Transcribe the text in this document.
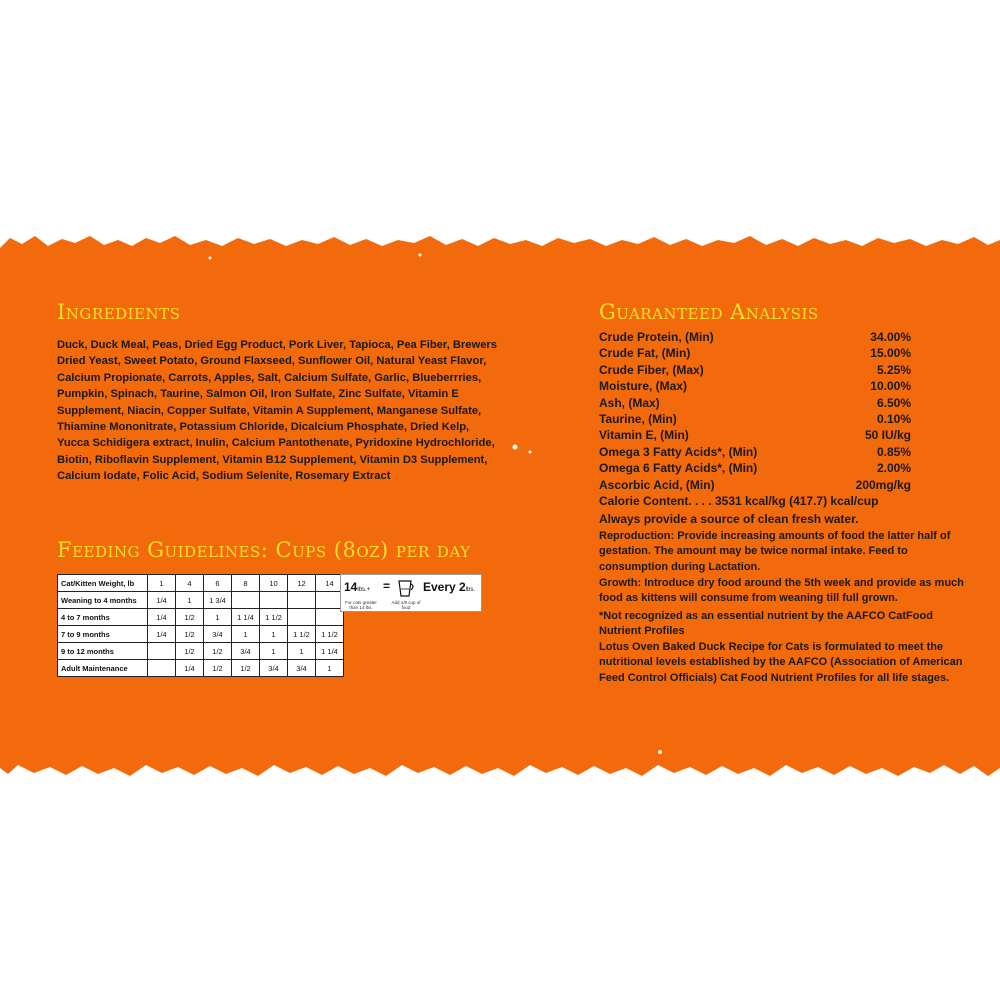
Ingredients

Duck, Duck Meal, Peas, Dried Egg Product, Pork Liver, Tapioca, Pea Fiber, Brewers Dried Yeast, Sweet Potato, Ground Flaxseed, Sunflower Oil, Natural Yeast Flavor, Calcium Propionate, Carrots, Apples, Salt, Calcium Sulfate, Garlic, Blueberrries, Pumpkin, Spinach, Taurine, Salmon Oil, Iron Sulfate, Zinc Sulfate, Vitamin E Supplement, Niacin, Copper Sulfate, Vitamin A Supplement, Manganese Sulfate, Thiamine Mononitrate, Potassium Chloride, Dicalcium Phosphate, Dried Kelp, Yucca Schidigera extract, Inulin, Calcium Pantothenate, Pyridoxine Hydrochloride, Biotin, Riboflavin Supplement, Vitamin B12 Supplement, Vitamin D3 Supplement, Calcium Iodate, Folic Acid, Sodium Selenite, Rosemary Extract

Feeding Guidelines: Cups (8oz) per day
Cat/Kitten Weight, lb	1	4	6	8	10	12	14
Weaning to 4 months	1/4	1	1 3/4				
4 to 7 months	1/4	1/2	1	1 1/4	1 1/2		
7 to 9 months	1/4	1/2	3/4	1	1	1 1/2	1 1/2
9 to 12 months		1/2	1/2	3/4	1	1	1 1/4
Adult Maintenance		1/4	1/2	1/2	3/4	3/4	1
14lbs.+ =	Every 2lbs.
For cats greater than 14 lbs.
Add 1/8 cup of food
Guaranteed Analysis
Crude Protein, (Min)	34.00%
Crude Fat, (Min)	15.00%
Crude Fiber, (Max)	5.25%
Moisture, (Max)	10.00%
Ash, (Max)	6.50%
Taurine, (Min)	0.10%
Vitamin E, (Min)	50 IU/kg
Omega 3 Fatty Acids*, (Min)	0.85%
Omega 6 Fatty Acids*, (Min)	2.00%
Ascorbic Acid, (Min)	200mg/kg
Calorie Content. . . . 3531 kcal/kg (417.7) kcal/cup
Always provide a source of clean fresh water.

Reproduction: Provide increasing amounts of food the latter half of gestation. The amount may be twice normal intake. Feed to consumption during Lactation.

Growth: Introduce dry food around the 5th week and provide as much food as kittens will consume from weaning till full grown.

*Not recognized as an essential nutrient by the AAFCO CatFood Nutrient Profiles

Lotus Oven Baked Duck Recipe for Cats is formulated to meet the nutritional levels established by the AAFCO (Association of American Feed Control Officials) Cat Food Nutrient Profiles for all life stages.
